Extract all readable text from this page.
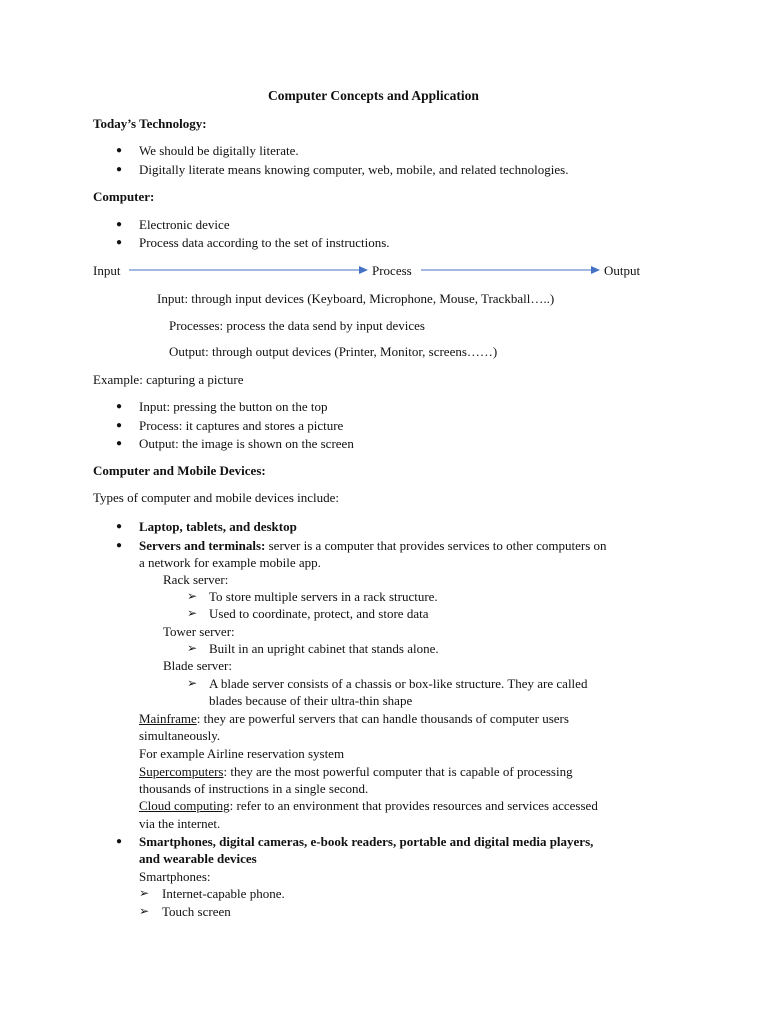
Computer Concepts and Application
Today’s Technology:
● We should be digitally literate.
● Digitally literate means knowing computer, web, mobile, and related technologies.
Computer:
● Electronic device
● Process data according to the set of instructions.
Input	Process	Output
Input: through input devices (Keyboard, Microphone, Mouse, Trackball…..)
Processes: process the data send by input devices
Output: through output devices (Printer, Monitor, screens……)
Example: capturing a picture
● Input: pressing the button on the top
● Process: it captures and stores a picture
● Output: the image is shown on the screen
Computer and Mobile Devices:
Types of computer and mobile devices include:
● Laptop, tablets, and desktop
● Servers and terminals: server is a computer that provides services to other computers on
a network for example mobile app.
Rack server:
➢ To store multiple servers in a rack structure.
➢ Used to coordinate, protect, and store data
Tower server:
➢ Built in an upright cabinet that stands alone.
Blade server:
➢ A blade server consists of a chassis or box-like structure. They are called
blades because of their ultra-thin shape
Mainframe: they are powerful servers that can handle thousands of computer users
simultaneously.
For example Airline reservation system
Supercomputers: they are the most powerful computer that is capable of processing
thousands of instructions in a single second.
Cloud computing: refer to an environment that provides resources and services accessed
via the internet.
● Smartphones, digital cameras, e-book readers, portable and digital media players,
and wearable devices
Smartphones:
➢ Internet-capable phone.
➢ Touch screen
